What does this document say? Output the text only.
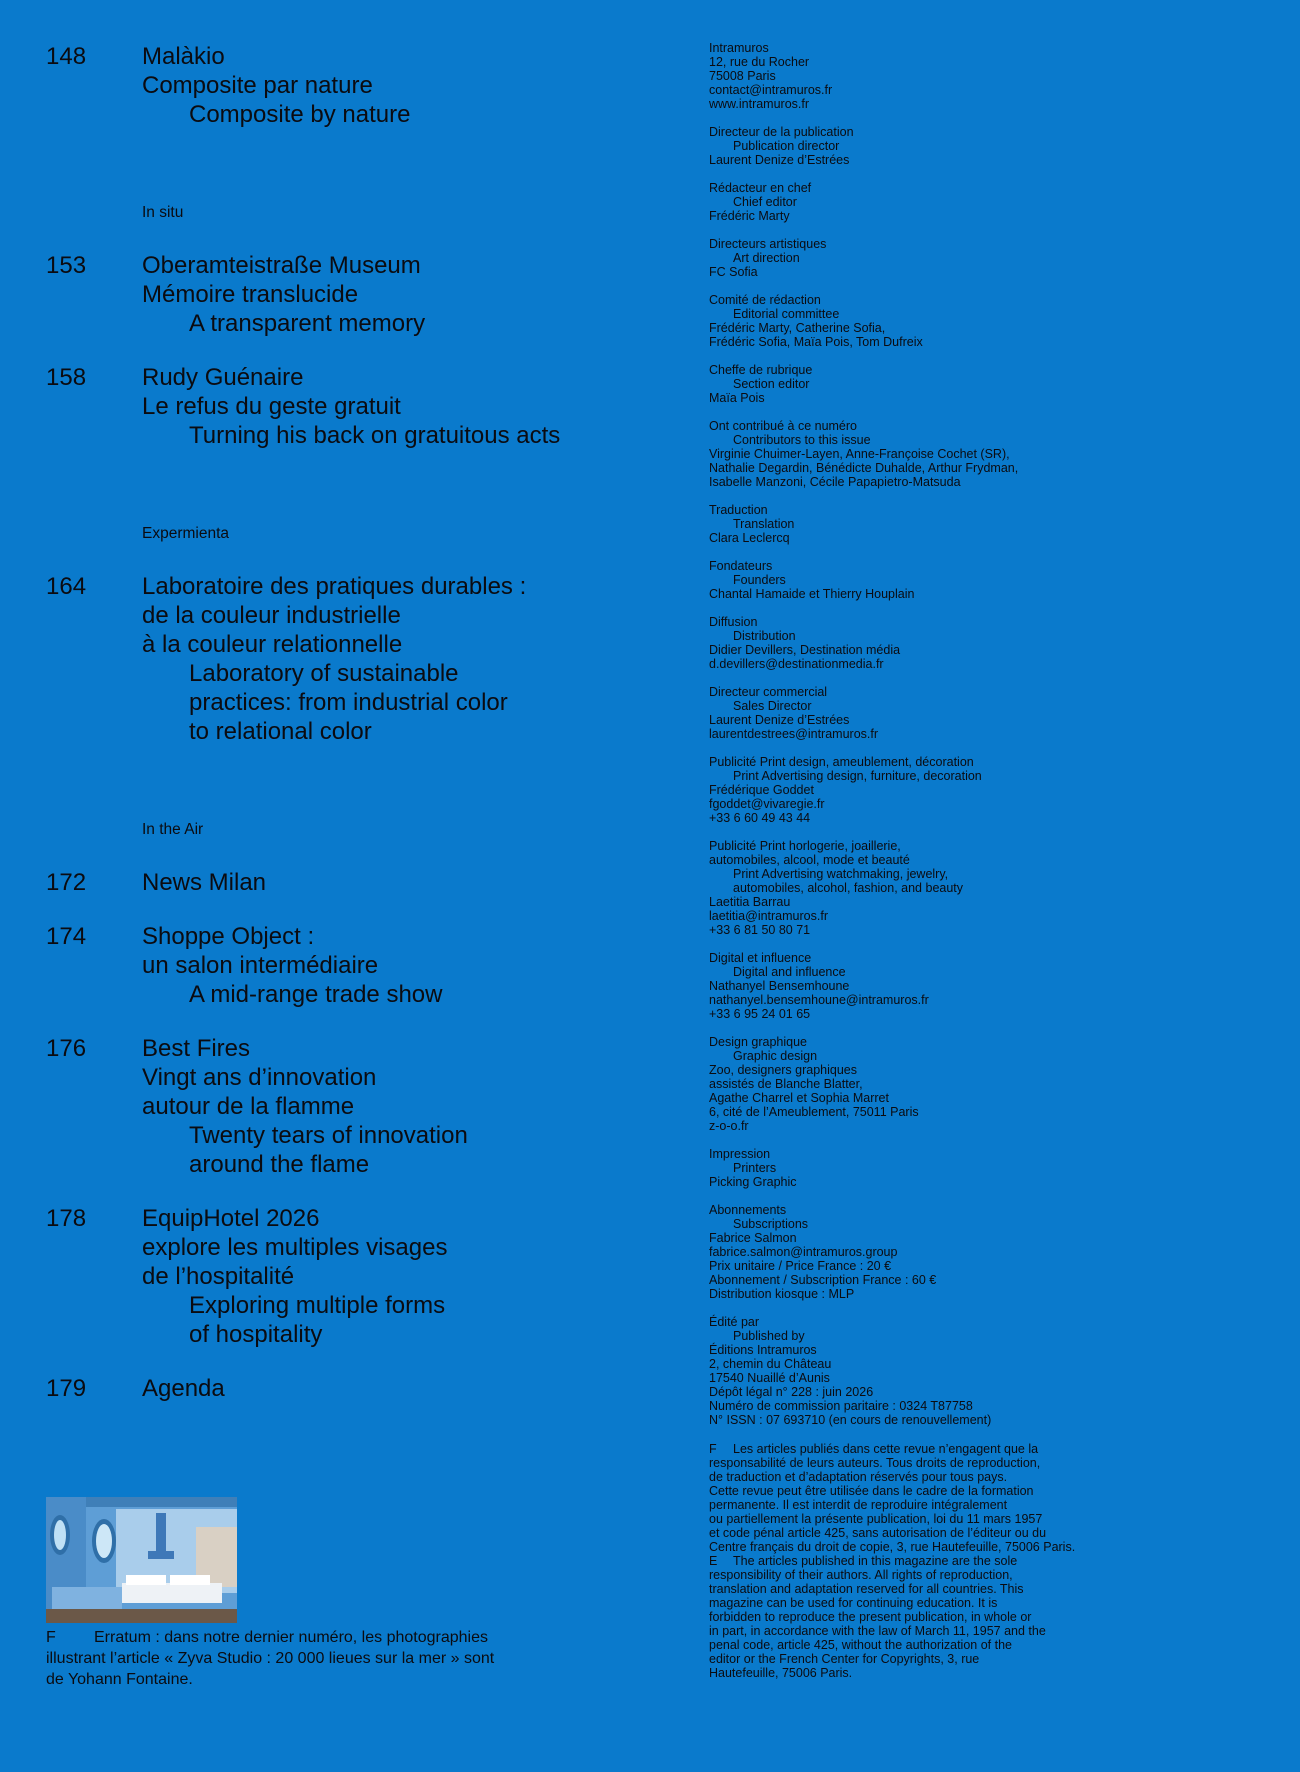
148	Malàkio
Composite par nature
Composite by nature
In situ
153	Oberamteistraße Museum
Mémoire translucide
A transparent memory
158	Rudy Guénaire
Le refus du geste gratuit
Turning his back on gratuitous acts
Expermienta
164	Laboratoire des pratiques durables :
de la couleur industrielle
à la couleur relationnelle
Laboratory of sustainable
practices: from industrial color
to relational color
In the Air
172	News Milan
174	Shoppe Object :
un salon intermédiaire
A mid-range trade show
176	Best Fires
Vingt ans d’innovation
autour de la flamme
Twenty tears of innovation
around the flame
178	EquipHotel 2026
explore les multiples visages
de l’hospitalité
Exploring multiple forms
of hospitality
179	Agenda
Intramuros
12, rue du Rocher
75008 Paris
contact@intramuros.fr
www.intramuros.fr
Directeur de la publication
Publication director
Laurent Denize d’Estrées
Rédacteur en chef
Chief editor
Frédéric Marty
Directeurs artistiques
Art direction
FC Sofia
Comité de rédaction
Editorial committee
Frédéric Marty, Catherine Sofia,
Frédéric Sofia, Maïa Pois, Tom Dufreix
Cheffe de rubrique
Section editor
Maïa Pois
Ont contribué à ce numéro
Contributors to this issue
Virginie Chuimer-Layen, Anne-Françoise Cochet (SR),
Nathalie Degardin, Bénédicte Duhalde, Arthur Frydman,
Isabelle Manzoni, Cécile Papapietro-Matsuda
Traduction
Translation
Clara Leclercq
Fondateurs
Founders
Chantal Hamaide et Thierry Houplain
Diffusion
Distribution
Didier Devillers, Destination média
d.devillers@destinationmedia.fr
Directeur commercial
Sales Director
Laurent Denize d’Estrées
laurentdestrees@intramuros.fr
Publicité Print design, ameublement, décoration
Print Advertising design, furniture, decoration
Frédérique Goddet
fgoddet@vivaregie.fr
+33 6 60 49 43 44
Publicité Print horlogerie, joaillerie,
automobiles, alcool, mode et beauté
Print Advertising watchmaking, jewelry,
automobiles, alcohol, fashion, and beauty
Laetitia Barrau
laetitia@intramuros.fr
+33 6 81 50 80 71
Digital et influence
Digital and influence
Nathanyel Bensemhoune
nathanyel.bensemhoune@intramuros.fr
+33 6 95 24 01 65
Design graphique
Graphic design
Zoo, designers graphiques
assistés de Blanche Blatter,
Agathe Charrel et Sophia Marret
6, cité de l’Ameublement, 75011 Paris
z-o-o.fr
Impression
Printers
Picking Graphic
Abonnements
Subscriptions
Fabrice Salmon
fabrice.salmon@intramuros.group
Prix unitaire / Price France : 20 €
Abonnement / Subscription France : 60 €
Distribution kiosque : MLP
Édité par
Published by
Éditions Intramuros
2, chemin du Château
17540 Nuaillé d’Aunis
Dépôt légal n° 228 : juin 2026
Numéro de commission paritaire : 0324 T87758
N° ISSN : 07 693710 (en cours de renouvellement)
F Les articles publiés dans cette revue n’engagent que la
responsabilité de leurs auteurs. Tous droits de reproduction,
de traduction et d’adaptation réservés pour tous pays.
Cette revue peut être utilisée dans le cadre de la formation
permanente. Il est interdit de reproduire intégralement
ou partiellement la présente publication, loi du 11 mars 1957
et code pénal article 425, sans autorisation de l’éditeur ou du
Centre français du droit de copie, 3, rue Hautefeuille, 75006 Paris.
E The articles published in this magazine are the sole
responsibility of their authors. All rights of reproduction,
translation and adaptation reserved for all countries. This
magazine can be used for continuing education. It is
forbidden to reproduce the present publication, in whole or
in part, in accordance with the law of March 11, 1957 and the
penal code, article 425, without the authorization of the
editor or the French Center for Copyrights, 3, rue
Hautefeuille, 75006 Paris.
F Erratum : dans notre dernier numéro, les photographies
illustrant l’article « Zyva Studio : 20 000 lieues sur la mer » sont
de Yohann Fontaine.
